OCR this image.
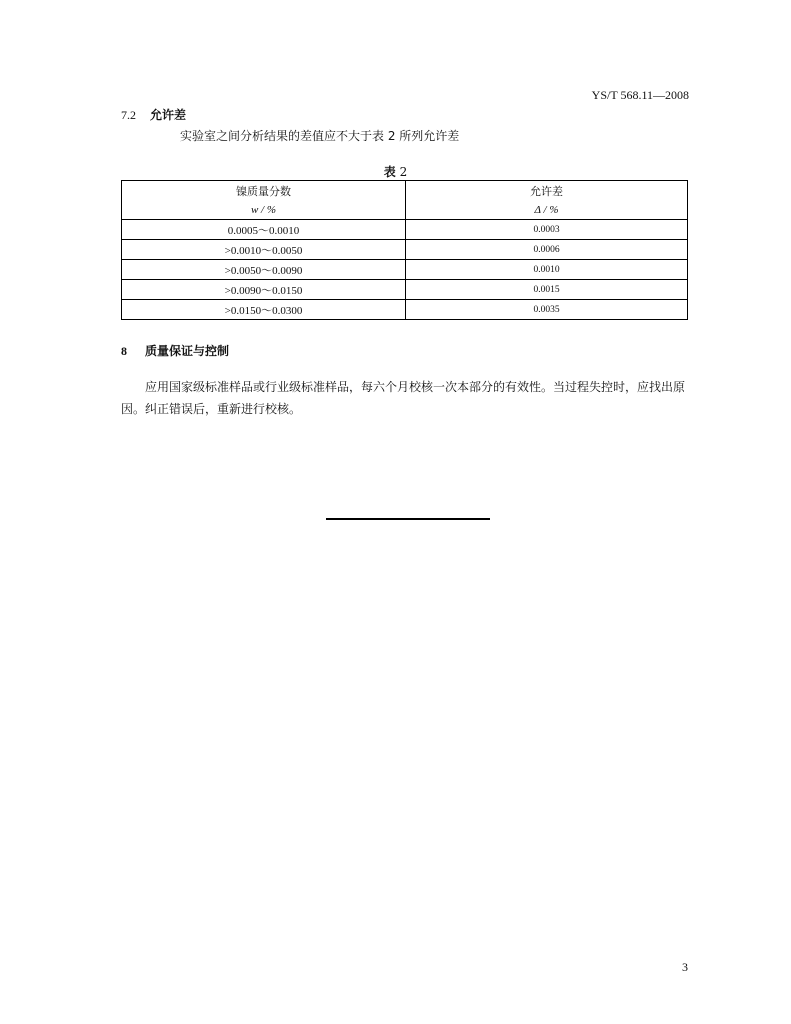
YS/T 568.11—2008
7.2 允许差
实验室之间分析结果的差值应不大于表 2 所列允许差
表 2
镍质量分数	允许差
w / %	Δ / %
0.0005～0.0010	0.0003
>0.0010～0.0050	0.0006
>0.0050～0.0090	0.0010
>0.0090～0.0150	0.0015
>0.0150～0.0300	0.0035
8 质量保证与控制
应用国家级标准样品或行业级标准样品，每六个月校核一次本部分的有效性。当过程失控时，应找出原因。纠正错误后，重新进行校核。
3
